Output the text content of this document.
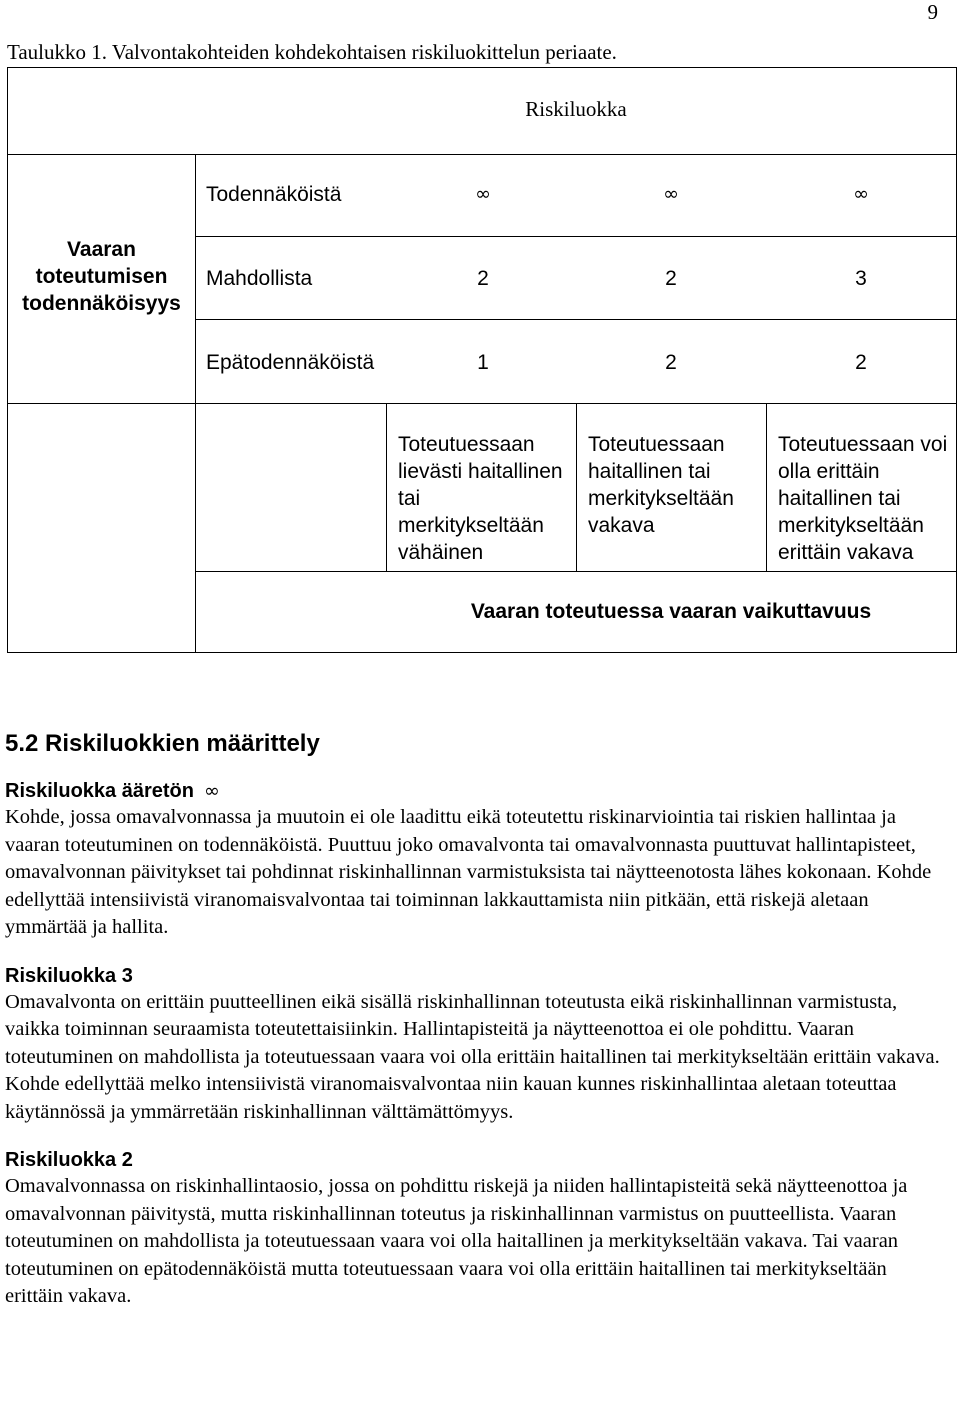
9
Taulukko 1. Valvontakohteiden kohdekohtaisen riskiluokittelun periaate.
Riskiluokka
Vaaran toteutumisen todennäköisyys
Todennäköistä	∞	∞	∞
Mahdollista	2	2	3
Epätodennäköistä	1	2	2
Toteutuessaan lievästi haitallinen tai merkitykseltään vähäinen
Toteutuessaan haitallinen tai merkitykseltään vakava
Toteutuessaan voi olla erittäin haitallinen tai merkitykseltään erittäin vakava
Vaaran toteutuessa vaaran vaikuttavuus
5.2 Riskiluokkien määrittely
Riskiluokka ääretön ∞

Kohde, jossa omavalvonnassa ja muutoin ei ole laadittu eikä toteutettu riskinarviointia tai riskien hallintaa ja vaaran toteutuminen on todennäköistä. Puuttuu joko omavalvonta tai omavalvonnasta puuttuvat hallintapisteet, omavalvonnan päivitykset tai pohdinnat riskinhallinnan varmistuksista tai näytteenotosta lähes kokonaan. Kohde edellyttää intensiivistä viranomaisvalvontaa tai toiminnan lakkauttamista niin pitkään, että riskejä aletaan ymmärtää ja hallita.

Riskiluokka 3

Omavalvonta on erittäin puutteellinen eikä sisällä riskinhallinnan toteutusta eikä riskinhallinnan varmistusta, vaikka toiminnan seuraamista toteutettaisiinkin. Hallintapisteitä ja näytteenottoa ei ole pohdittu. Vaaran toteutuminen on mahdollista ja toteutuessaan vaara voi olla erittäin haitallinen tai merkitykseltään erittäin vakava. Kohde edellyttää melko intensiivistä viranomaisvalvontaa niin kauan kunnes riskinhallintaa aletaan toteuttaa käytännössä ja ymmärretään riskinhallinnan välttämättömyys.

Riskiluokka 2

Omavalvonnassa on riskinhallintaosio, jossa on pohdittu riskejä ja niiden hallintapisteitä sekä näytteenottoa ja omavalvonnan päivitystä, mutta riskinhallinnan toteutus ja riskinhallinnan varmistus on puutteellista. Vaaran toteutuminen on mahdollista ja toteutuessaan vaara voi olla haitallinen ja merkitykseltään vakava. Tai vaaran toteutuminen on epätodennäköistä mutta toteutuessaan vaara voi olla erittäin haitallinen tai merkitykseltään erittäin vakava.
